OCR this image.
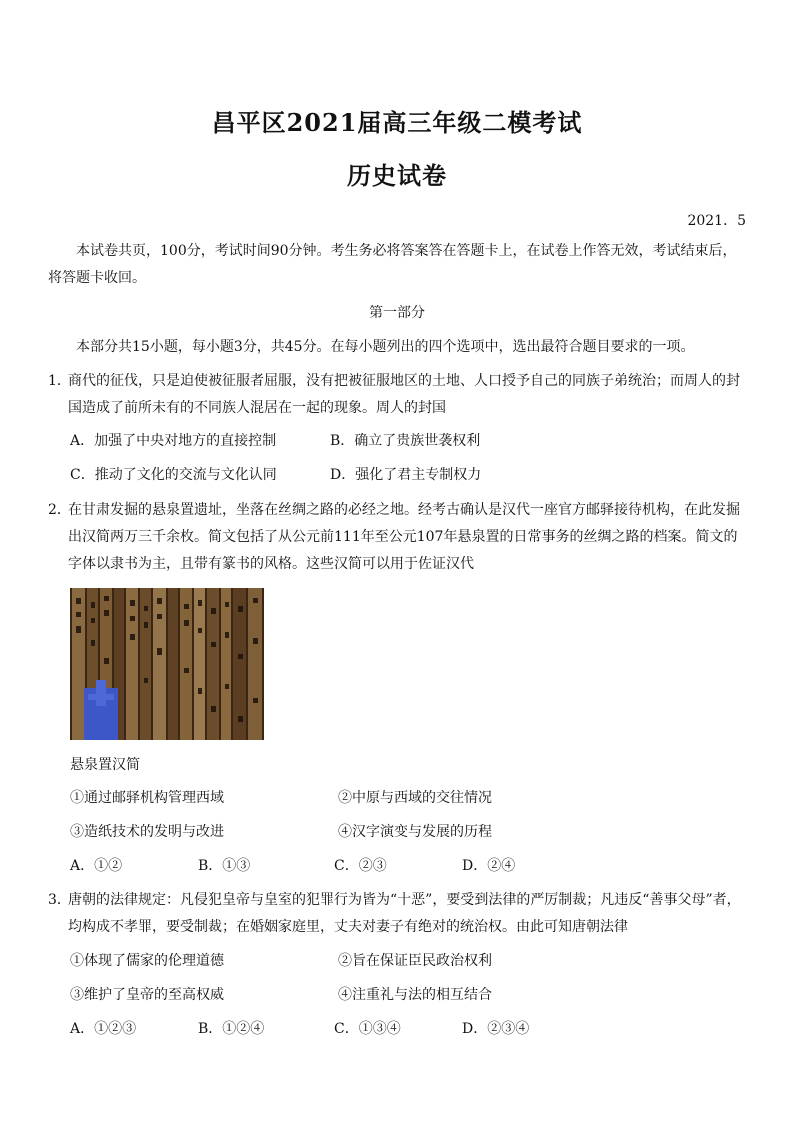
昌平区2021届高三年级二模考试
历史试卷
2021．5
本试卷共页，100分，考试时间90分钟。考生务必将答案答在答题卡上，在试卷上作答无效，考试结束后，将答题卡收回。
第一部分
本部分共15小题，每小题3分，共45分。在每小题列出的四个选项中，选出最符合题目要求的一项。
1．
商代的征伐，只是迫使被征服者屈服，没有把被征服地区的土地、人口授予自己的同族子弟统治；而周人的封国造成了前所未有的不同族人混居在一起的现象。周人的封国
A．加强了中央对地方的直接控制	B．确立了贵族世袭权利
C．推动了文化的交流与文化认同	D．强化了君主专制权力
2．
在甘肃发掘的悬泉置遗址，坐落在丝绸之路的必经之地。经考古确认是汉代一座官方邮驿接待机构，在此发掘出汉简两万三千余枚。简文包括了从公元前111年至公元107年悬泉置的日常事务的丝绸之路的档案。简文的字体以隶书为主，且带有篆书的风格。这些汉简可以用于佐证汉代
悬泉置汉简
①通过邮驿机构管理西域	②中原与西域的交往情况
③造纸技术的发明与改进	④汉字演变与发展的历程
A．①②	B．①③	C．②③	D．②④
3．
唐朝的法律规定：凡侵犯皇帝与皇室的犯罪行为皆为“十恶”，要受到法律的严厉制裁；凡违反“善事父母”者，均构成不孝罪，要受制裁；在婚姻家庭里，丈夫对妻子有绝对的统治权。由此可知唐朝法律
①体现了儒家的伦理道德	②旨在保证臣民政治权利
③维护了皇帝的至高权威	④注重礼与法的相互结合
A．①②③	B．①②④	C．①③④	D．②③④
